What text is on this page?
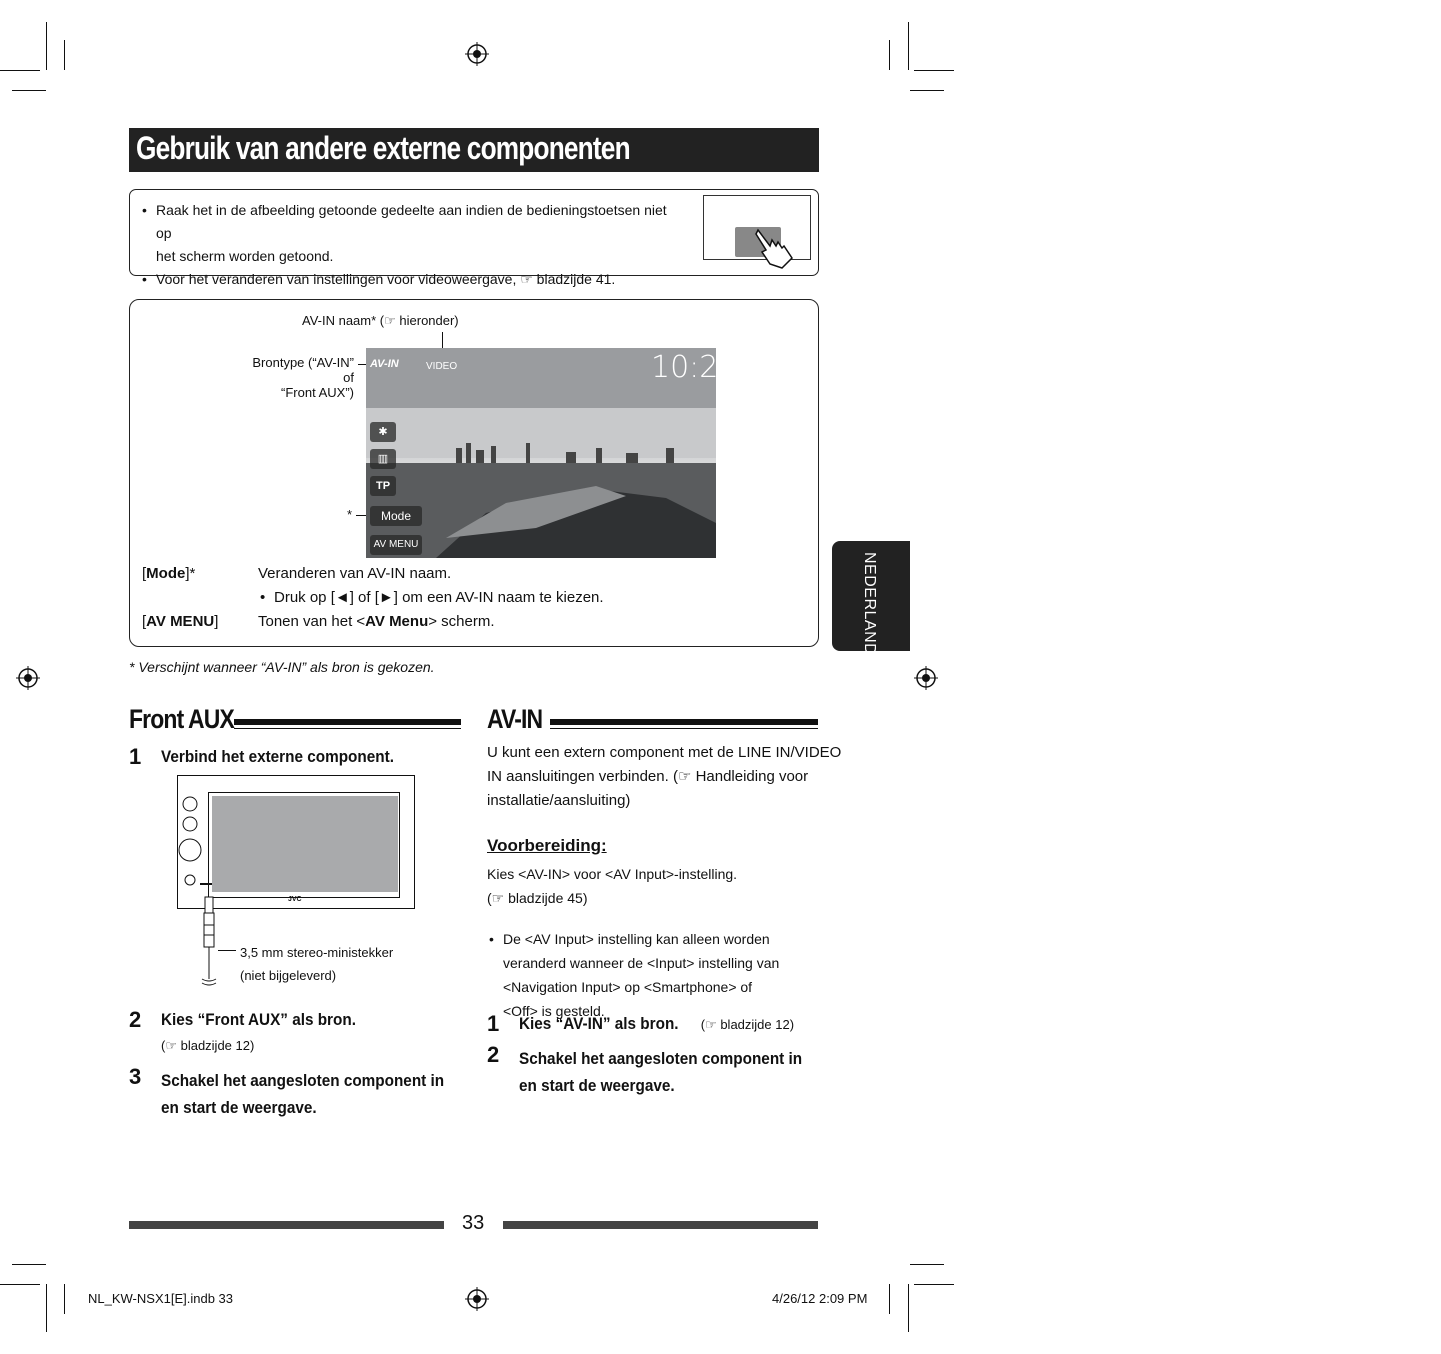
Gebruik van andere externe componenten
• Raak het in de afbeelding getoonde gedeelte aan indien de bedieningstoetsen niet op
het scherm worden getoond.
• Voor het veranderen van instellingen voor videoweergave, ☞ bladzijde 41.
AV-IN naam* (☞ hieronder)
Brontype (“AV-IN” of
“Front AUX”)
*
AV-IN	VIDEO	10:28
✱
▥
TP
Mode
AV MENU
[Mode]*	Veranderen van AV-IN naam.
• Druk op [◄] of [►] om een AV-IN naam te kiezen.
[AV MENU]	Tonen van het <AV Menu> scherm.
* Verschijnt wanneer “AV-IN” als bron is gekozen.
NEDERLANDS
Front AUX
1 Verbind het externe component.
JVC
3,5 mm stereo-ministekker
(niet bijgeleverd)
2 Kies “Front AUX” als bron.
(☞ bladzijde 12)
3 Schakel het aangesloten component in
en start de weergave.
AV-IN
U kunt een extern component met de LINE IN/VIDEO
IN aansluitingen verbinden. (☞ Handleiding voor
installatie/aansluiting)
Voorbereiding:
Kies <AV-IN> voor <AV Input>-instelling.
(☞ bladzijde 45)
• De <AV Input> instelling kan alleen worden
veranderd wanneer de <Input> instelling van
<Navigation Input> op <Smartphone> of
<Off> is gesteld.
1 Kies “AV-IN” als bron. (☞ bladzijde 12)
2 Schakel het aangesloten component in
en start de weergave.
33
NL_KW-NSX1[E].indb 33	4/26/12 2:09 PM
